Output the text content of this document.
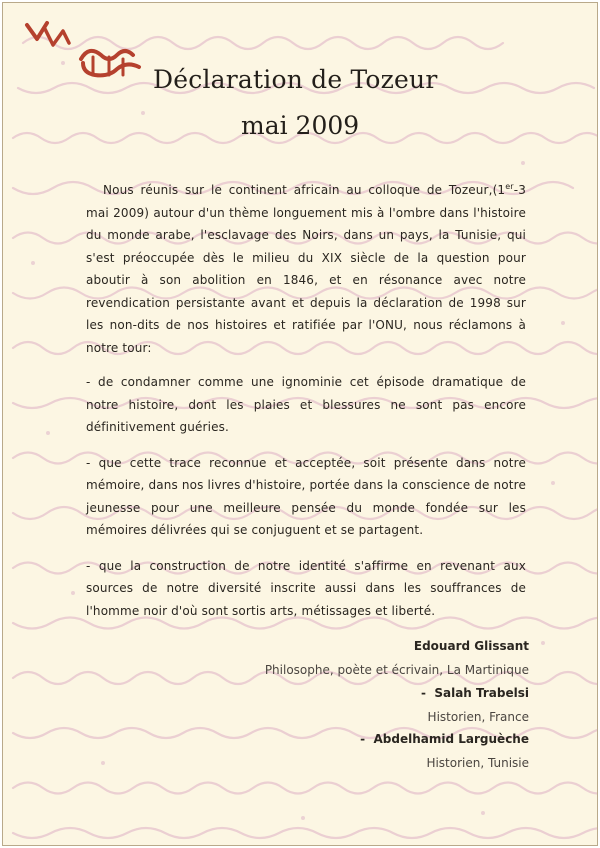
Déclaration de Tozeur
mai 2009

Nous réunis sur le continent africain au colloque de Tozeur,(1er-3 mai 2009) autour d'un thème longuement mis à l'ombre dans l'histoire du monde arabe, l'esclavage des Noirs, dans un pays, la Tunisie, qui s'est préoccupée dès le milieu du XIX siècle de la question pour aboutir à son abolition en 1846, et en résonance avec notre revendication persistante avant et depuis la déclaration de 1998 sur les non-dits de nos histoires et ratifiée par l'ONU, nous réclamons à notre tour:

- de condamner comme une ignominie cet épisode dramatique de notre histoire, dont les plaies et blessures ne sont pas encore définitivement guéries.

- que cette trace reconnue et acceptée, soit présente dans notre mémoire, dans nos livres d'histoire, portée dans la conscience de notre jeunesse pour une meilleure pensée du monde fondée sur les mémoires délivrées qui se conjuguent et se partagent.

- que la construction de notre identité s'affirme en revenant aux sources de notre diversité inscrite aussi dans les souffrances de l'homme noir d'où sont sortis arts, métissages et liberté.

Edouard Glissant
Philosophe, poète et écrivain, La Martinique
- Salah Trabelsi
Historien, France
- Abdelhamid Larguèche
Historien, Tunisie
